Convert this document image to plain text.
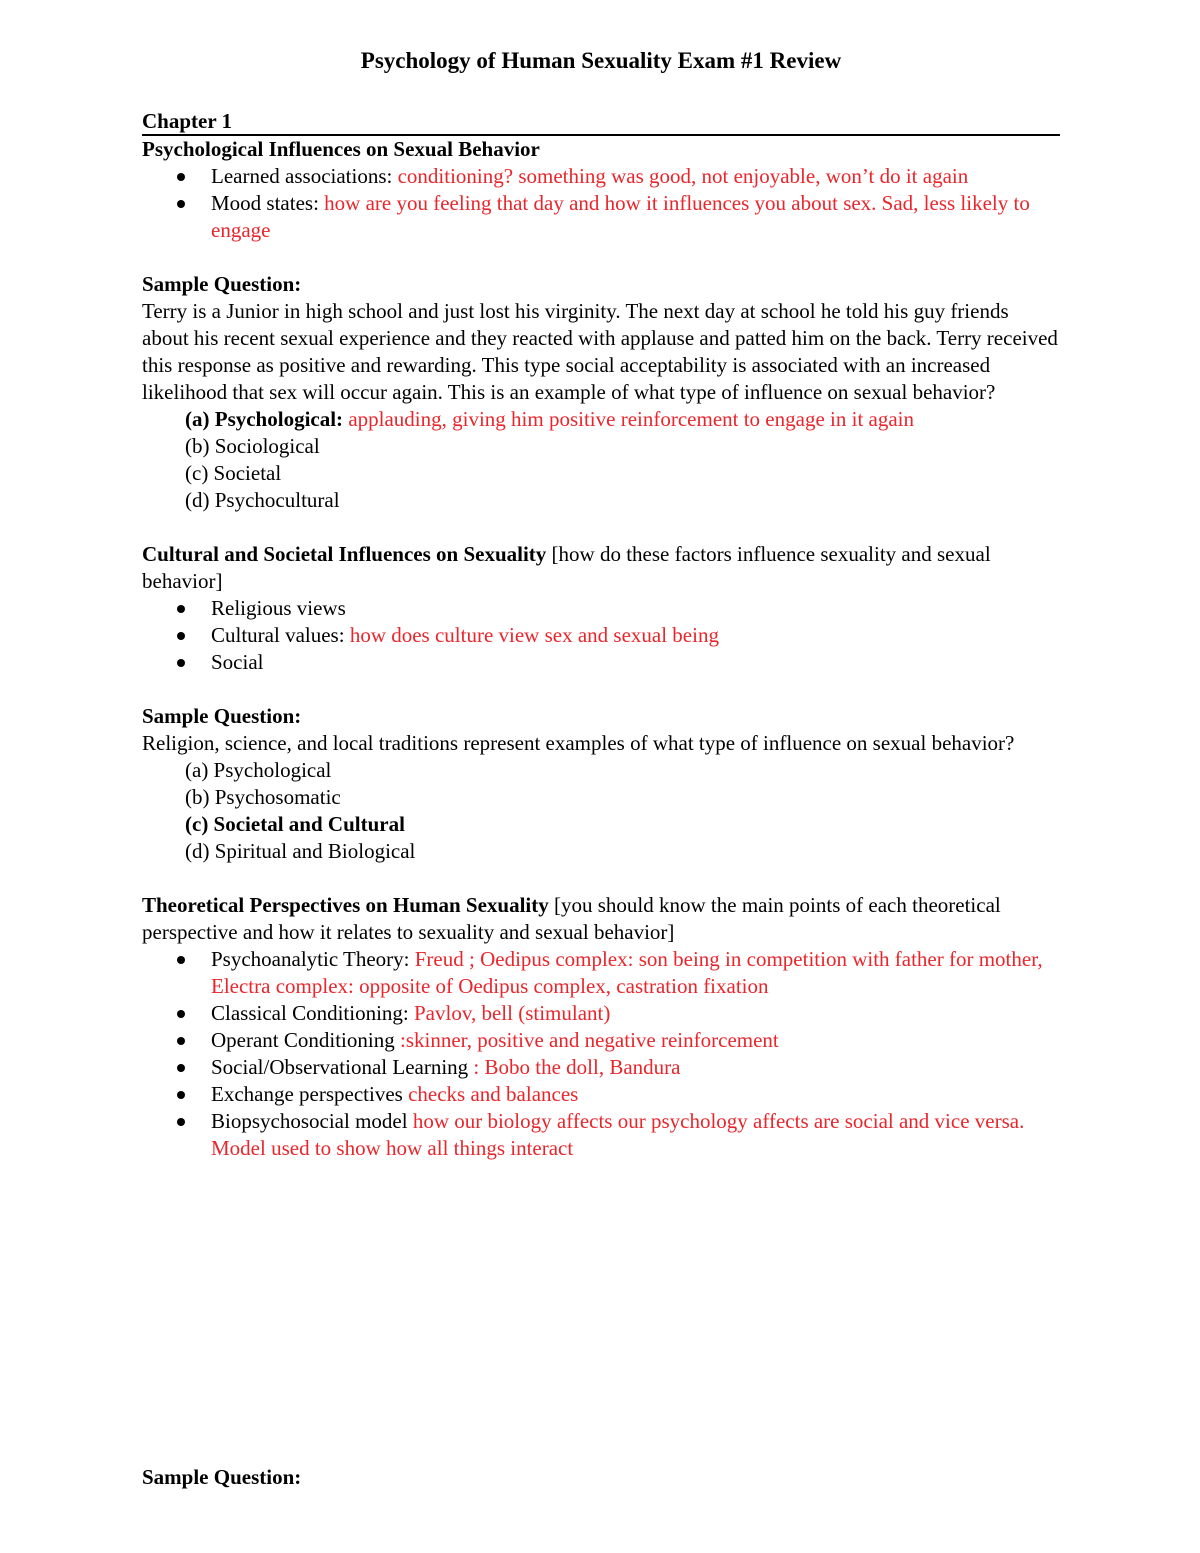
Psychology of Human Sexuality Exam #1 Review
Chapter 1
Psychological Influences on Sexual Behavior
Learned associations: conditioning? something was good, not enjoyable, won’t do it again
Mood states: how are you feeling that day and how it influences you about sex. Sad, less likely to engage
Sample Question:
Terry is a Junior in high school and just lost his virginity. The next day at school he told his guy friends about his recent sexual experience and they reacted with applause and patted him on the back. Terry received this response as positive and rewarding. This type social acceptability is associated with an increased likelihood that sex will occur again. This is an example of what type of influence on sexual behavior?
(a) Psychological: applauding, giving him positive reinforcement to engage in it again
(b) Sociological
(c) Societal
(d) Psychocultural
Cultural and Societal Influences on Sexuality [how do these factors influence sexuality and sexual behavior]
Religious views
Cultural values: how does culture view sex and sexual being
Social
Sample Question:
Religion, science, and local traditions represent examples of what type of influence on sexual behavior?
(a) Psychological
(b) Psychosomatic
(c) Societal and Cultural
(d) Spiritual and Biological
Theoretical Perspectives on Human Sexuality [you should know the main points of each theoretical perspective and how it relates to sexuality and sexual behavior]
Psychoanalytic Theory: Freud ; Oedipus complex: son being in competition with father for mother, Electra complex: opposite of Oedipus complex, castration fixation
Classical Conditioning: Pavlov, bell (stimulant)
Operant Conditioning :skinner, positive and negative reinforcement
Social/Observational Learning : Bobo the doll, Bandura
Exchange perspectives checks and balances
Biopsychosocial model how our biology affects our psychology affects are social and vice versa. Model used to show how all things interact
Sample Question:
